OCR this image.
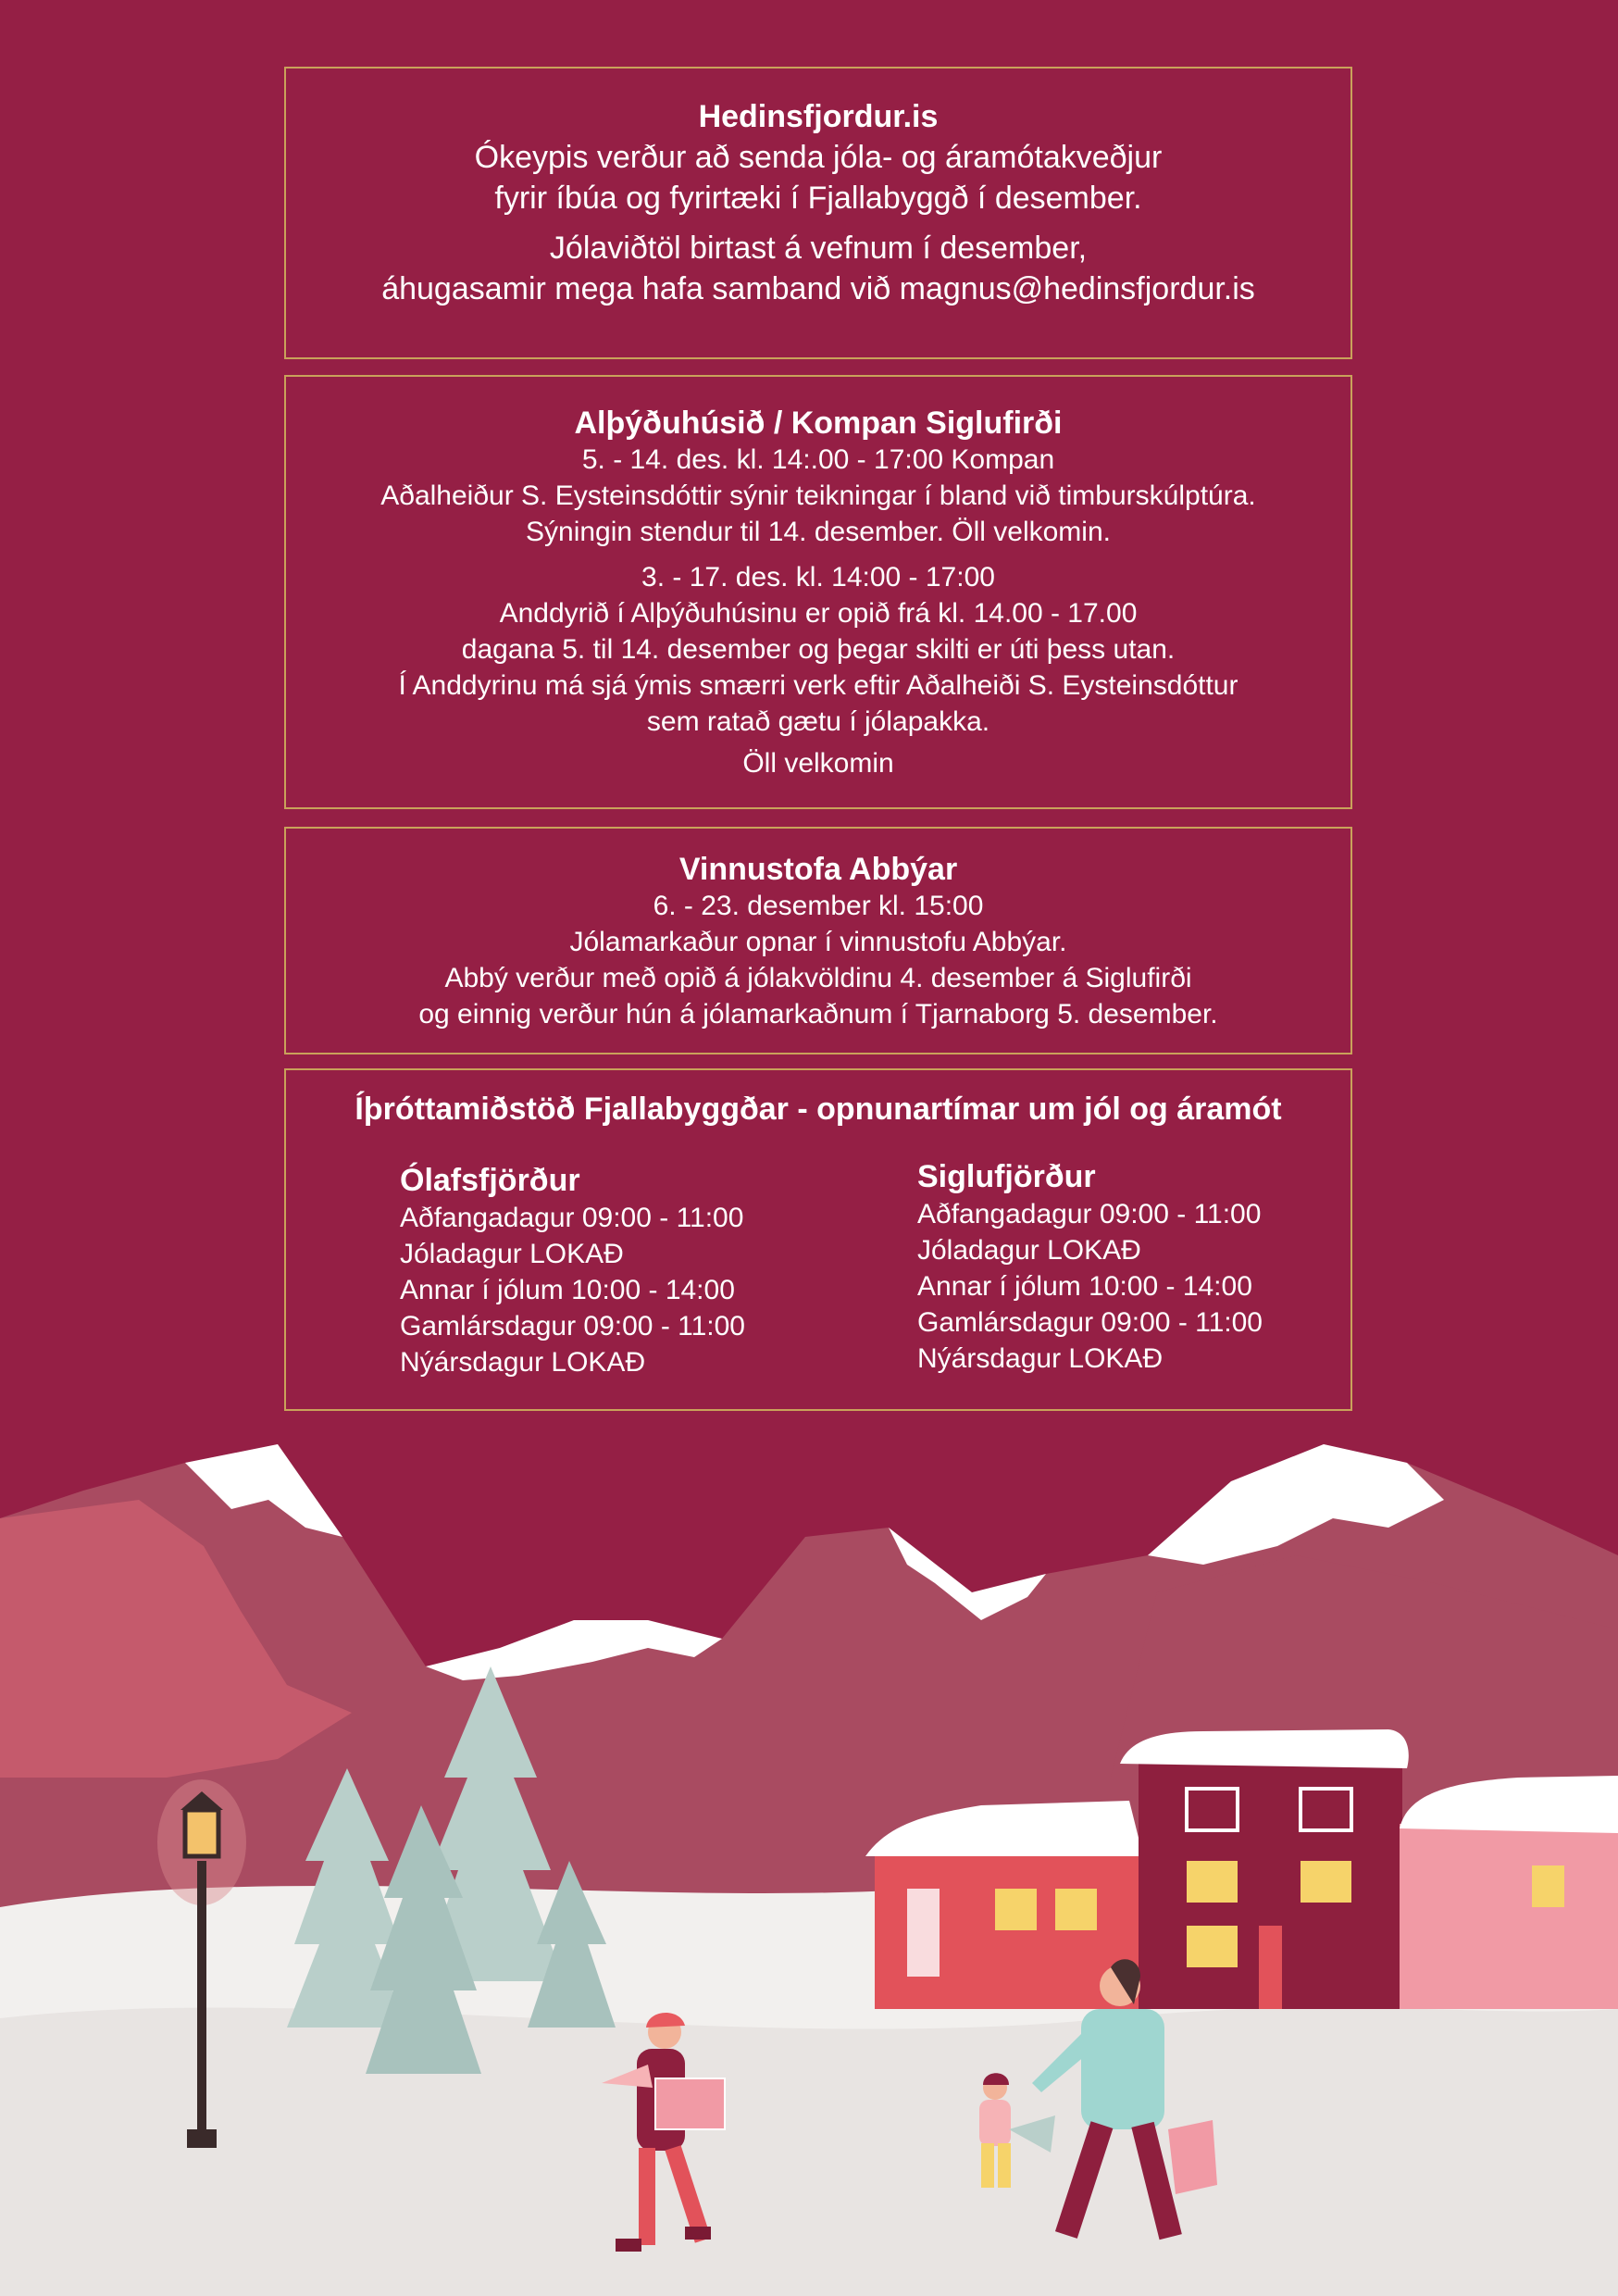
Hedinsfjordur.is
Ókeypis verður að senda jóla- og áramótakveðjur
fyrir íbúa og fyrirtæki í Fjallabyggð í desember.
Jólaviðtöl birtast á vefnum í desember,
áhugasamir mega hafa samband við magnus@hedinsfjordur.is
Alþýðuhúsið / Kompan Siglufirði
5. - 14. des. kl. 14:.00 - 17:00 Kompan
Aðalheiður S. Eysteinsdóttir sýnir teikningar í bland við timburskúlptúra.
Sýningin stendur til 14. desember. Öll velkomin.
3. - 17. des. kl. 14:00 - 17:00
Anddyrið í Alþýðuhúsinu er opið frá kl. 14.00 - 17.00
dagana 5. til 14. desember og þegar skilti er úti þess utan.
Í Anddyrinu má sjá ýmis smærri verk eftir Aðalheiði S. Eysteinsdóttur
sem ratað gætu í jólapakka.
Öll velkomin
Vinnustofa Abbýar
6. - 23. desember kl. 15:00
Jólamarkaður opnar í vinnustofu Abbýar.
Abbý verður með opið á jólakvöldinu 4. desember á Siglufirði
og einnig verður hún á jólamarkaðnum í Tjarnaborg 5. desember.
Íþróttamiðstöð Fjallabyggðar - opnunartímar um jól og áramót
Ólafsfjörður
Aðfangadagur 09:00 - 11:00
Jóladagur LOKAÐ
Annar í jólum 10:00 - 14:00
Gamlársdagur 09:00 - 11:00
Nýársdagur LOKAÐ
Siglufjörður
Aðfangadagur 09:00 - 11:00
Jóladagur LOKAÐ
Annar í jólum 10:00 - 14:00
Gamlársdagur 09:00 - 11:00
Nýársdagur LOKAÐ
